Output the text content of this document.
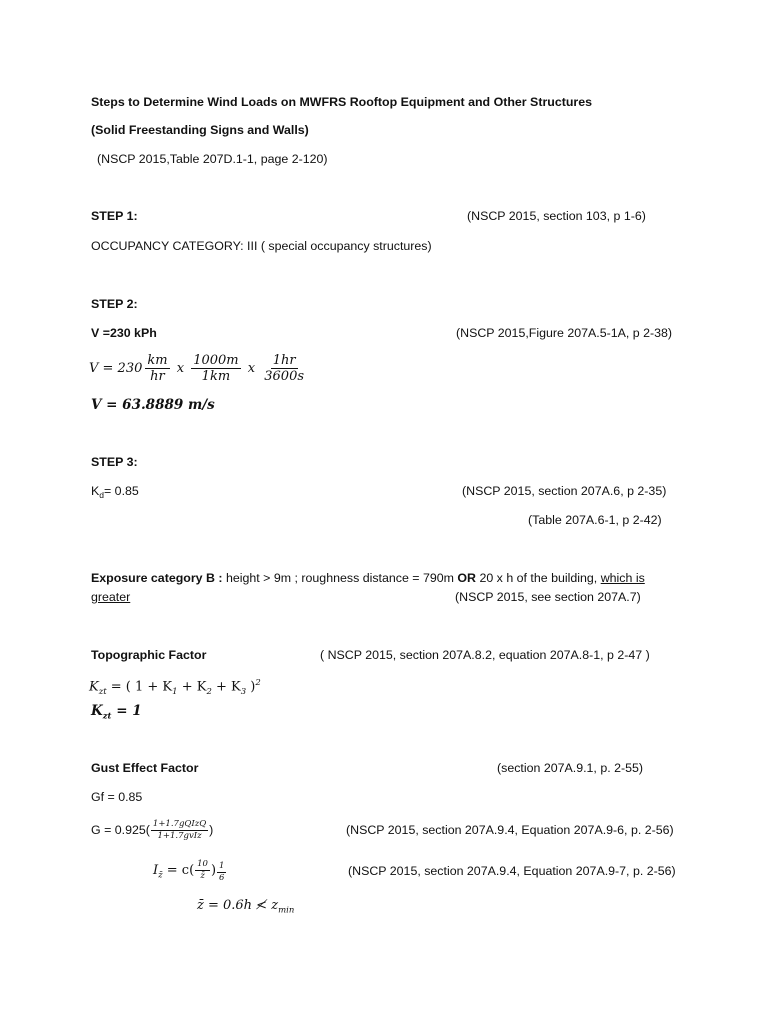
Steps to Determine Wind Loads on MWFRS Rooftop Equipment and Other Structures
(Solid Freestanding Signs and Walls)
(NSCP 2015,Table 207D.1-1, page 2-120)
STEP 1:	(NSCP 2015, section 103, p 1-6)
OCCUPANCY CATEGORY: III ( special occupancy structures)
STEP 2:
V =230 kPh	(NSCP 2015,Figure 207A.5-1A, p 2-38)
$V = 230 \frac{km}{hr}$ x $\frac{1000m}{1km}$ x $\frac{1hr}{3600s}$
V = 63.8889 m/s
STEP 3:
$K_d= 0.85$	(NSCP 2015, section 207A.6, p 2-35)
(Table 207A.6-1, p 2-42)
Exposure category B : height > 9m ; roughness distance = 790m OR 20 x h of the building, which is
greater	(NSCP 2015, see section 207A.7)
Topographic Factor	( NSCP 2015, section 207A.8.2, equation 207A.8-1, p 2-47 )
$K_{zt}$ = ( $1 + K_1 + K_2 + K_3$ )$^2$
$K_{zt} = 1$
Gust Effect Factor	(section 207A.9.1, p. 2-55)
Gf = 0.85
$G = 0.925( \frac{\text{1+1.7gQIzQ}}{\text{1+1.7gvIz}}$ )	(NSCP 2015, section 207A.9.4, Equation 207A.9-6, p. 2-56)
$I_{z̄} = c( \frac{10}{z̄}$ ) $\frac{1}{6}$	(NSCP 2015, section 207A.9.4, Equation 207A.9-7, p. 2-56)
z̄ = 0.6h ≮ $z_{min}$
